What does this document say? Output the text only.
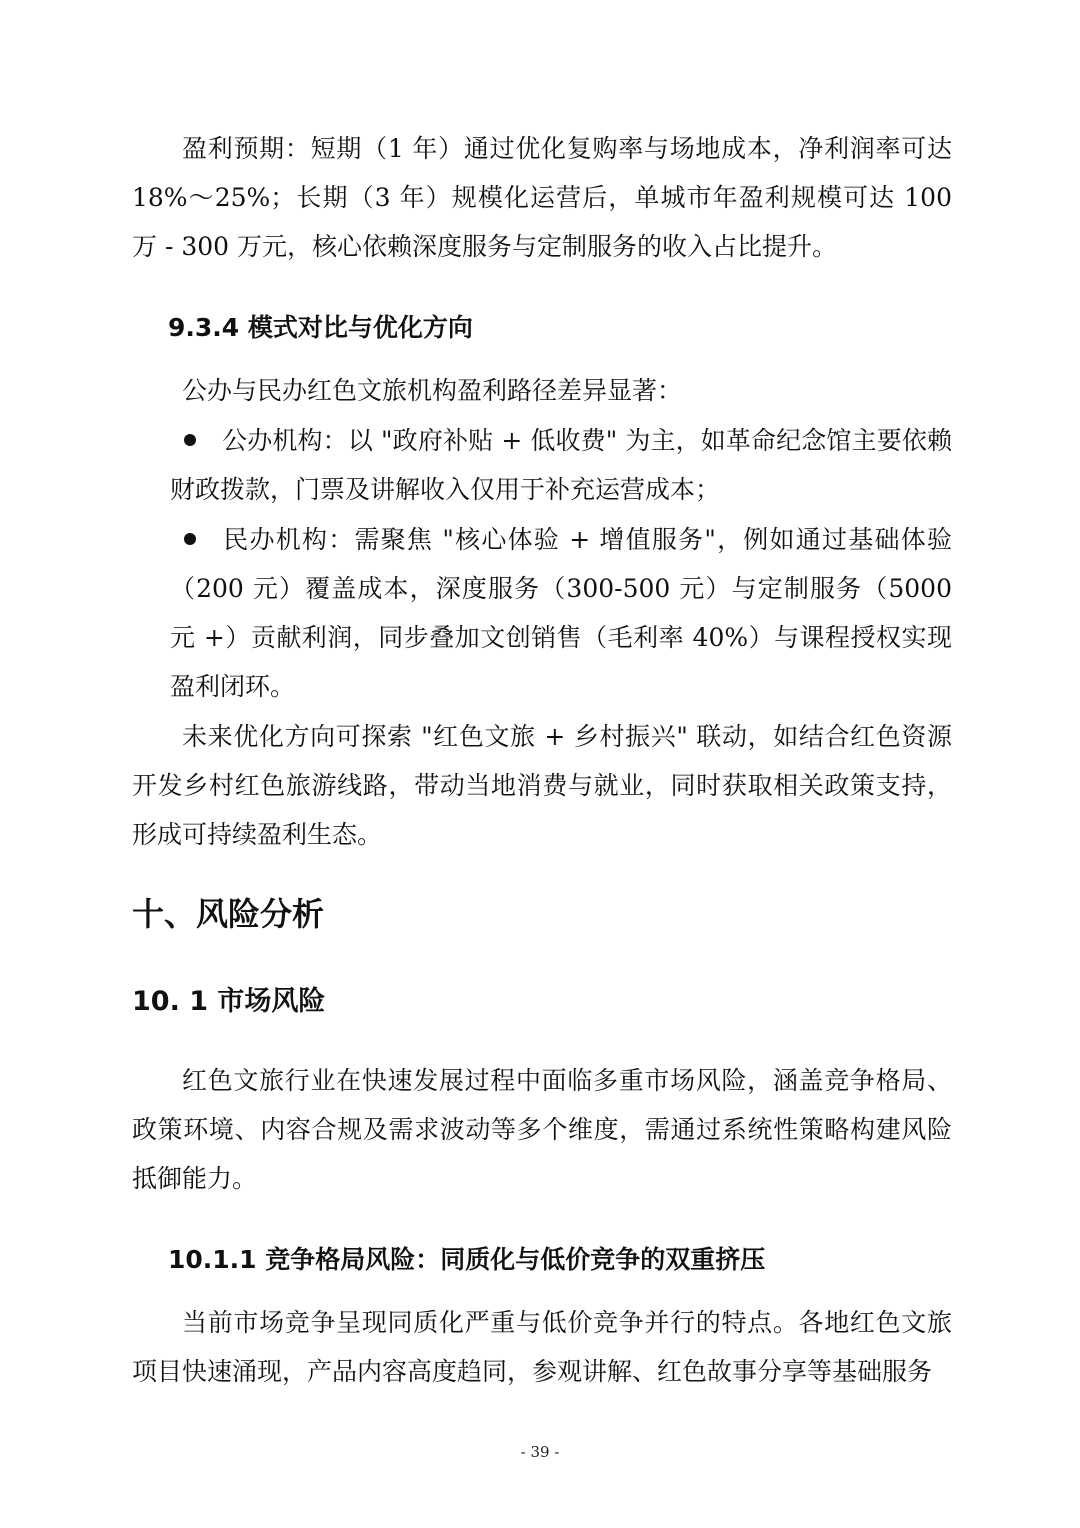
盈利预期：短期（1 年）通过优化复购率与场地成本，净利润率可达 18%～25%；长期（3 年）规模化运营后，单城市年盈利规模可达 100 万 - 300 万元，核心依赖深度服务与定制服务的收入占比提升。

9.3.4 模式对比与优化方向

公办与民办红色文旅机构盈利路径差异显著：

公办机构：以 "政府补贴 + 低收费" 为主，如革命纪念馆主要依赖财政拨款，门票及讲解收入仅用于补充运营成本；

民办机构：需聚焦 "核心体验 + 增值服务"，例如通过基础体验（200 元）覆盖成本，深度服务（300-500 元）与定制服务（5000 元 +）贡献利润，同步叠加文创销售（毛利率 40%）与课程授权实现盈利闭环。

未来优化方向可探索 "红色文旅 + 乡村振兴" 联动，如结合红色资源开发乡村红色旅游线路，带动当地消费与就业，同时获取相关政策支持，形成可持续盈利生态。

十、风险分析
10. 1 市场风险

红色文旅行业在快速发展过程中面临多重市场风险，涵盖竞争格局、政策环境、内容合规及需求波动等多个维度，需通过系统性策略构建风险抵御能力。

10.1.1 竞争格局风险：同质化与低价竞争的双重挤压

当前市场竞争呈现同质化严重与低价竞争并行的特点。各地红色文旅项目快速涌现，产品内容高度趋同，参观讲解、红色故事分享等基础服务

- 39 -
